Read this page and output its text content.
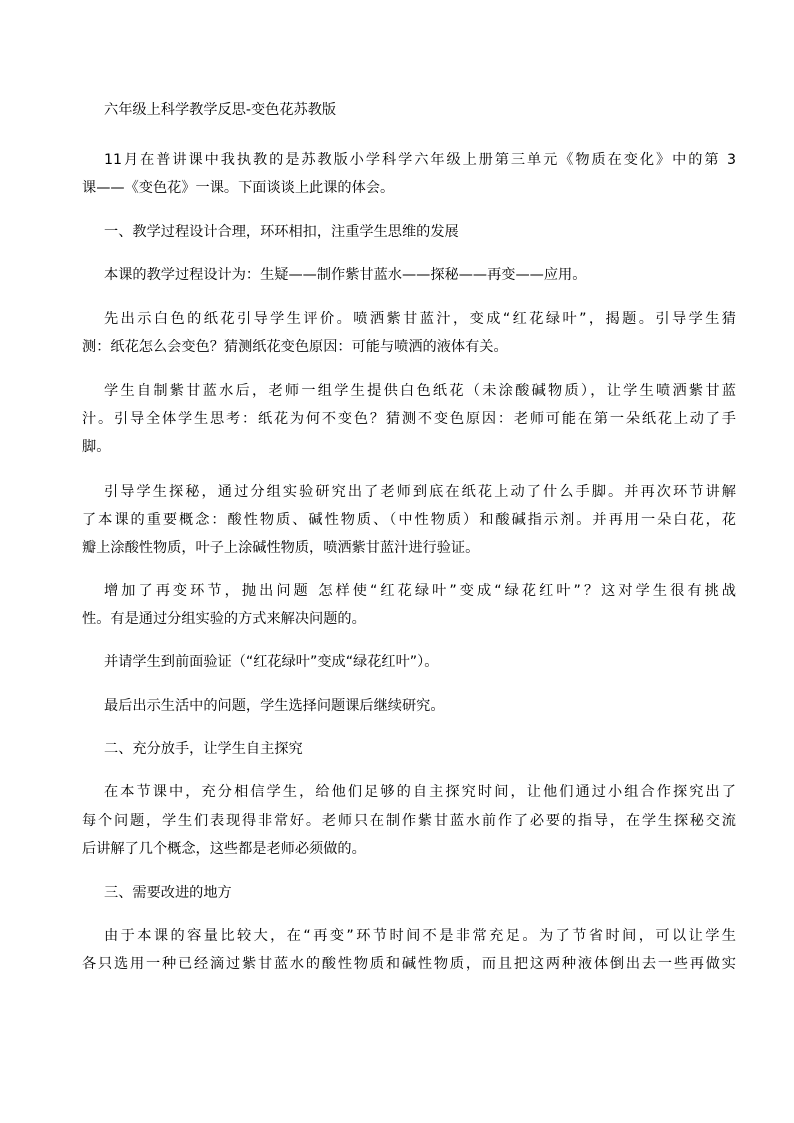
六年级上科学教学反思-变色花苏教版
11月在普讲课中我执教的是苏教版小学科学六年级上册第三单元《物质在变化》中的第 3
课——《变色花》一课。下面谈谈上此课的体会。
一、教学过程设计合理，环环相扣，注重学生思维的发展
本课的教学过程设计为：生疑——制作紫甘蓝水——探秘——再变——应用。
先出示白色的纸花引导学生评价。喷洒紫甘蓝汁，变成“红花绿叶”，揭题。引导学生猜
测：纸花怎么会变色？猜测纸花变色原因：可能与喷洒的液体有关。
学生自制紫甘蓝水后，老师一组学生提供白色纸花（未涂酸碱物质），让学生喷洒紫甘蓝
汁。引导全体学生思考：纸花为何不变色？猜测不变色原因：老师可能在第一朵纸花上动了手
脚。
引导学生探秘，通过分组实验研究出了老师到底在纸花上动了什么手脚。并再次环节讲解
了本课的重要概念：酸性物质、碱性物质、（中性物质）和酸碱指示剂。并再用一朵白花，花
瓣上涂酸性物质，叶子上涂碱性物质，喷洒紫甘蓝汁进行验证。
增加了再变环节，抛出问题 怎样使“红花绿叶”变成“绿花红叶”？这对学生很有挑战
性。有是通过分组实验的方式来解决问题的。
并请学生到前面验证（“红花绿叶”变成“绿花红叶”）。
最后出示生活中的问题，学生选择问题课后继续研究。
二、充分放手，让学生自主探究
在本节课中，充分相信学生，给他们足够的自主探究时间，让他们通过小组合作探究出了
每个问题，学生们表现得非常好。老师只在制作紫甘蓝水前作了必要的指导，在学生探秘交流
后讲解了几个概念，这些都是老师必须做的。
三、需要改进的地方
由于本课的容量比较大，在“再变”环节时间不是非常充足。为了节省时间，可以让学生
各只选用一种已经滴过紫甘蓝水的酸性物质和碱性物质，而且把这两种液体倒出去一些再做实
